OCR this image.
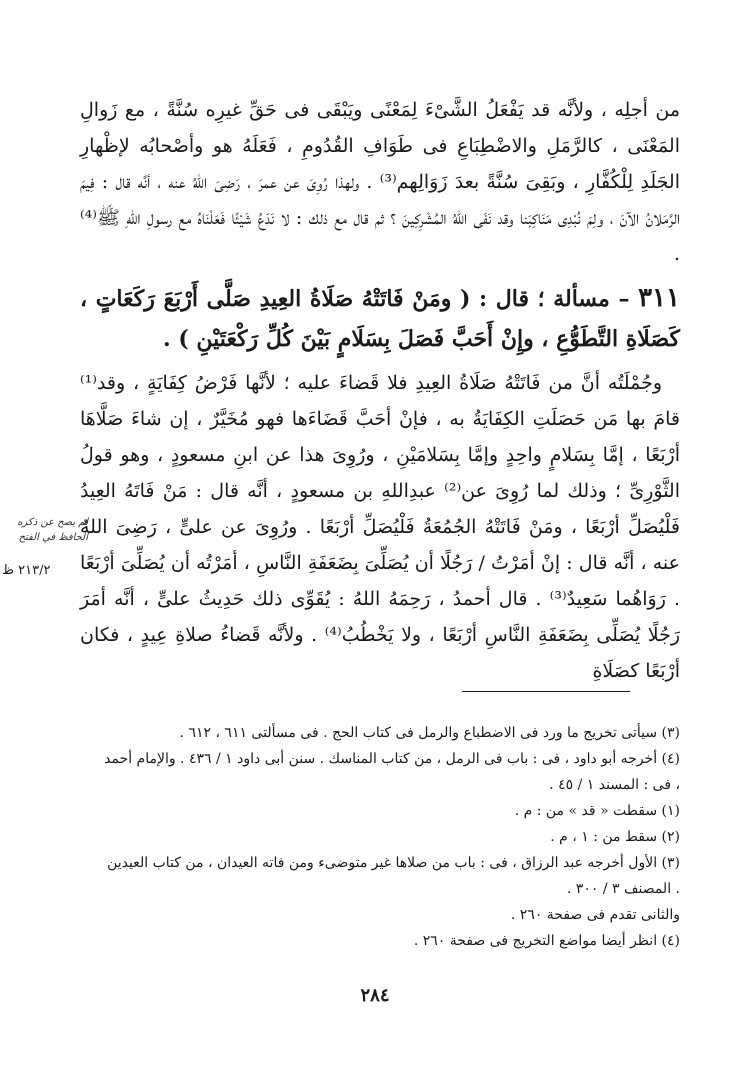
من أجلِه ، ولأنَّه قد يَفْعَلُ الشَّىْءَ لِمَعْنًى ويَبْقَى فى حَقِّ غيرِه سُنَّةً ، مع زَوالِ المَعْنَى ، كالرَّمَلِ والاضْطِبَاعِ فى طَوَافِ القُدُومِ ، فَعَلَهُ هو وأصْحابُه لإظْهارِ الجَلَدِ لِلْكُفَّارِ ، وبَقِىَ سُنَّةً بعدَ زَوَالِهم⁽³⁾ . ولهذا رُوِىَ عن عمرَ ، رَضِىَ اللهُ عنه ، أنَّه قال : فِيمَ الرَّمَلانُ الآنَ ، ولِمَ نُبْدِى مَنَاكِبَنا وقد نَفَى اللهُ المُشْرِكِينَ ؟ ثم قال مع ذلك : لا نَدَعُ شَيْئًا فَعَلْنَاهُ مع رسولِ اللهِ ﷺ⁽⁴⁾ .

٣١١ – مسألة ؛ قال : ( ومَنْ فَاتَتْهُ صَلَاةُ العِيدِ صَلَّى أَرْبَعَ رَكَعَاتٍ ، كَصَلَاةِ التَّطَوُّعِ ، وإِنْ أَحَبَّ فَصَلَ بِسَلَامٍ بَيْنَ كُلِّ رَكْعَتَيْنِ ) .

وجُمْلَتُه أنَّ من فَاتَتْهُ صَلَاةُ العِيدِ فلا قَضاءَ عليه ؛ لأنَّها فَرْضُ كِفَايَةٍ ، وقد⁽¹⁾ قامَ بها مَن حَصَلَتِ الكِفَايَةُ به ، فإنْ أحَبَّ قَضَاءَها فهو مُخَيَّرٌ ، إن شاءَ صَلَّاهَا أرْبَعًا ، إمَّا بِسَلامٍ واحِدٍ وإمَّا بِسَلامَيْنِ ، ورُوِىَ هذا عن ابنِ مسعودٍ ، وهو قولُ الثَّوْرِىِّ ؛ وذلك لما رُوِىَ عن⁽²⁾ عبدِاللهِ بن مسعودٍ ، أنَّه قال : مَنْ فَاتَهُ العِيدُ فَلْيُصَلِّ أرْبَعًا ، ومَنْ فَاتَتْهُ الجُمُعَةُ فَلْيُصَلِّ أرْبَعًا . ورُوِىَ عن علىٍّ ، رَضِىَ اللهُ عنه ، أنَّه قال : إنْ أمَرْتُ / رَجُلًا أن يُصَلِّىَ بِضَعَفَةِ النَّاسِ ، أمَرْتُه أن يُصَلِّىَ أرْبَعًا . رَوَاهُما سَعِيدٌ⁽³⁾ . قال أحمدُ ، رَحِمَهُ اللهُ : يُقَوِّى ذلك حَدِيثُ علىٍّ ، أنَّه أمَرَ رَجُلًا يُصَلِّى بِضَعَفَةِ النَّاسِ أرْبَعًا ، ولا يَخْطُبُ⁽⁴⁾ . ولأنَّه قَضاءُ صلاةِ عِيدٍ ، فكان أرْبَعًا كصَلَاةِ

لم يصح عن ذكره الحافظ في الفتح
٢١٣/٢ ظ

(٣) سيأتى تخريج ما ورد فى الاضطباع والرمل فى كتاب الحج . فى مسألتى ٦١١ ، ٦١٢ .

(٤) أخرجه أبو داود ، فى : باب فى الرمل ، من كتاب المناسك . سنن أبى داود ١ / ٤٣٦ . والإمام أحمد ، فى : المسند ١ / ٤٥ .

(١) سقطت « قد » من : م .

(٢) سقط من : ١ ، م .

(٣) الأول أخرجه عبد الرزاق ، فى : باب من صلاها غير متوضىء ومن فاته العيدان ، من كتاب العيدين . المصنف ٣ / ٣٠٠ .

والثانى تقدم فى صفحة ٢٦٠ .

(٤) انظر أيضا مواضع التخريج فى صفحة ٢٦٠ .

٢٨٤
